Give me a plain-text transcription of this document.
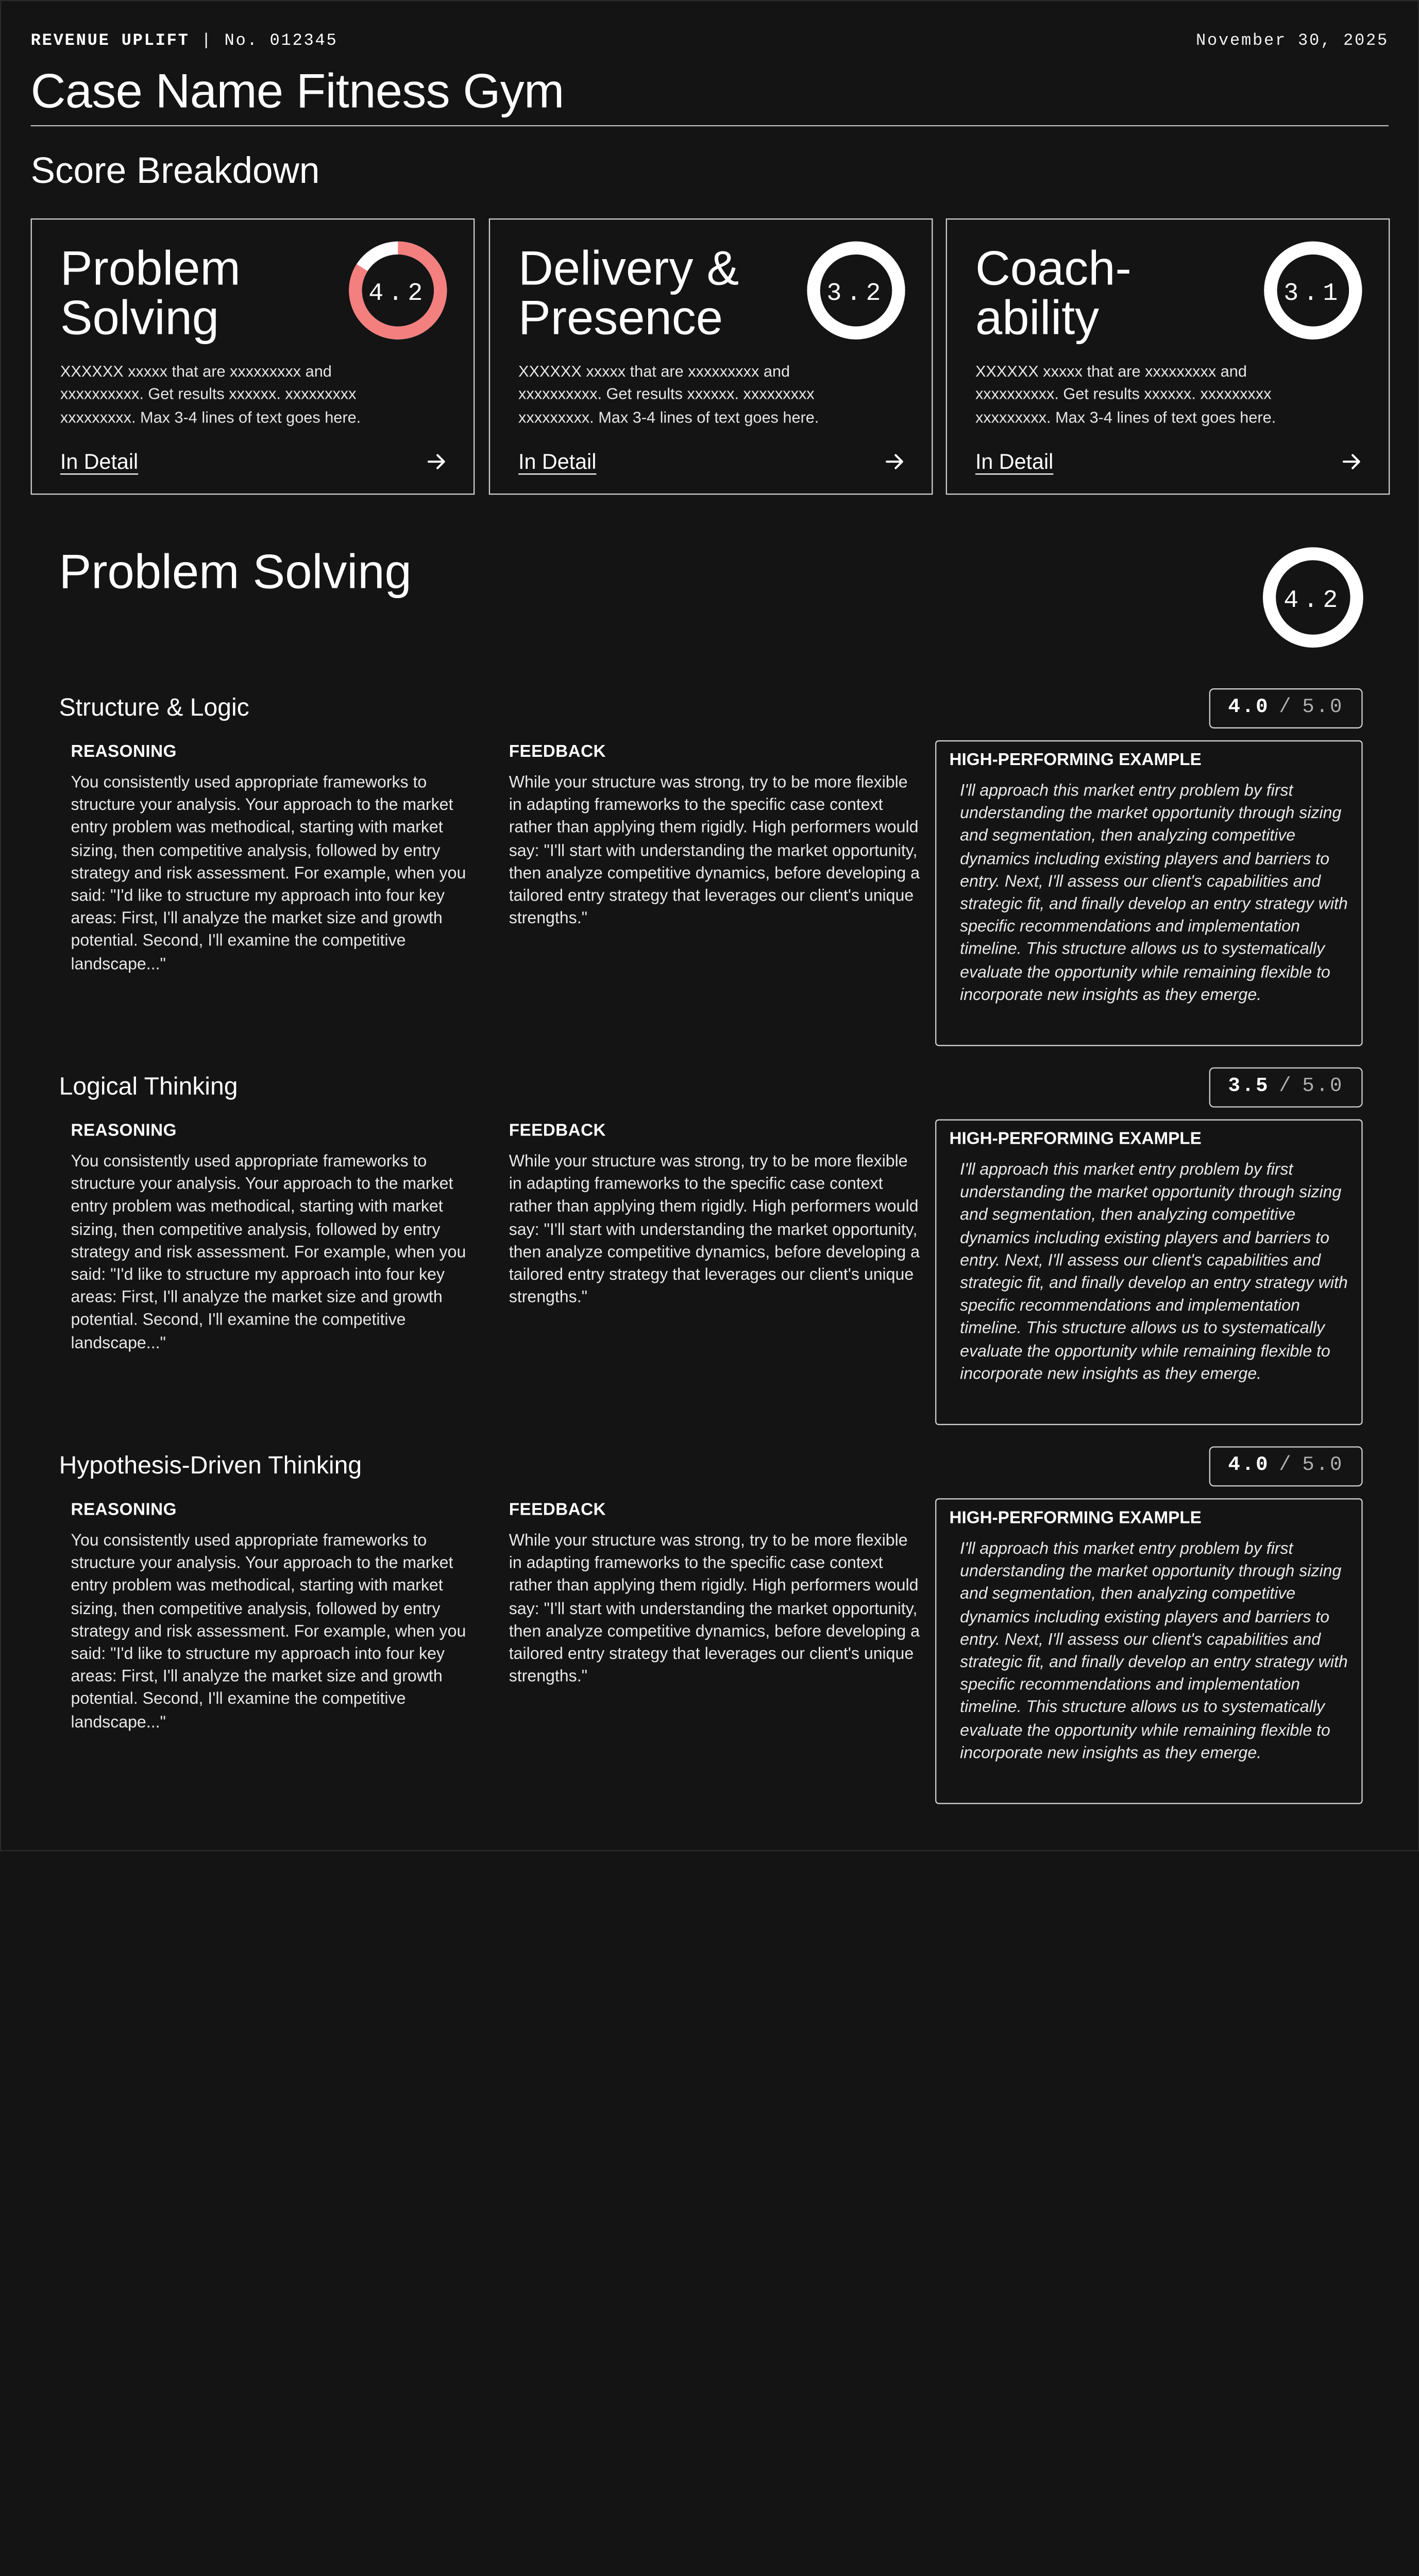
REVENUE UPLIFT | No. 012345	November 30, 2025
Case Name Fitness Gym
Score Breakdown
Problem Solving	4.2

XXXXXX xxxxx that are xxxxxxxxx and xxxxxxxxxx. Get results xxxxxx. xxxxxxxxx xxxxxxxxx. Max 3-4 lines of text goes here.

In Detail
Delivery & Presence	3.2

XXXXXX xxxxx that are xxxxxxxxx and xxxxxxxxxx. Get results xxxxxx. xxxxxxxxx xxxxxxxxx. Max 3-4 lines of text goes here.

In Detail
Coach-ability	3.1

XXXXXX xxxxx that are xxxxxxxxx and xxxxxxxxxx. Get results xxxxxx. xxxxxxxxx xxxxxxxxx. Max 3-4 lines of text goes here.

In Detail
Problem Solving
4.2
Structure & Logic	4.0 / 5.0

REASONING

You consistently used appropriate frameworks to structure your analysis. Your approach to the market entry problem was methodical, starting with market sizing, then competitive analysis, followed by entry strategy and risk assessment. For example, when you said: "I'd like to structure my approach into four key areas: First, I'll analyze the market size and growth potential. Second, I'll examine the competitive landscape..."

FEEDBACK

While your structure was strong, try to be more flexible in adapting frameworks to the specific case context rather than applying them rigidly. High performers would say: "I'll start with understanding the market opportunity, then analyze competitive dynamics, before developing a tailored entry strategy that leverages our client's unique strengths."

HIGH-PERFORMING EXAMPLE

I'll approach this market entry problem by first understanding the market opportunity through sizing and segmentation, then analyzing competitive dynamics including existing players and barriers to entry. Next, I'll assess our client's capabilities and strategic fit, and finally develop an entry strategy with specific recommendations and implementation timeline. This structure allows us to systematically evaluate the opportunity while remaining flexible to incorporate new insights as they emerge.

Logical Thinking	3.5 / 5.0

REASONING

You consistently used appropriate frameworks to structure your analysis. Your approach to the market entry problem was methodical, starting with market sizing, then competitive analysis, followed by entry strategy and risk assessment. For example, when you said: "I'd like to structure my approach into four key areas: First, I'll analyze the market size and growth potential. Second, I'll examine the competitive landscape..."

FEEDBACK

While your structure was strong, try to be more flexible in adapting frameworks to the specific case context rather than applying them rigidly. High performers would say: "I'll start with understanding the market opportunity, then analyze competitive dynamics, before developing a tailored entry strategy that leverages our client's unique strengths."

HIGH-PERFORMING EXAMPLE

I'll approach this market entry problem by first understanding the market opportunity through sizing and segmentation, then analyzing competitive dynamics including existing players and barriers to entry. Next, I'll assess our client's capabilities and strategic fit, and finally develop an entry strategy with specific recommendations and implementation timeline. This structure allows us to systematically evaluate the opportunity while remaining flexible to incorporate new insights as they emerge.

Hypothesis-Driven Thinking	4.0 / 5.0

REASONING

You consistently used appropriate frameworks to structure your analysis. Your approach to the market entry problem was methodical, starting with market sizing, then competitive analysis, followed by entry strategy and risk assessment. For example, when you said: "I'd like to structure my approach into four key areas: First, I'll analyze the market size and growth potential. Second, I'll examine the competitive landscape..."

FEEDBACK

While your structure was strong, try to be more flexible in adapting frameworks to the specific case context rather than applying them rigidly. High performers would say: "I'll start with understanding the market opportunity, then analyze competitive dynamics, before developing a tailored entry strategy that leverages our client's unique strengths."

HIGH-PERFORMING EXAMPLE

I'll approach this market entry problem by first understanding the market opportunity through sizing and segmentation, then analyzing competitive dynamics including existing players and barriers to entry. Next, I'll assess our client's capabilities and strategic fit, and finally develop an entry strategy with specific recommendations and implementation timeline. This structure allows us to systematically evaluate the opportunity while remaining flexible to incorporate new insights as they emerge.
